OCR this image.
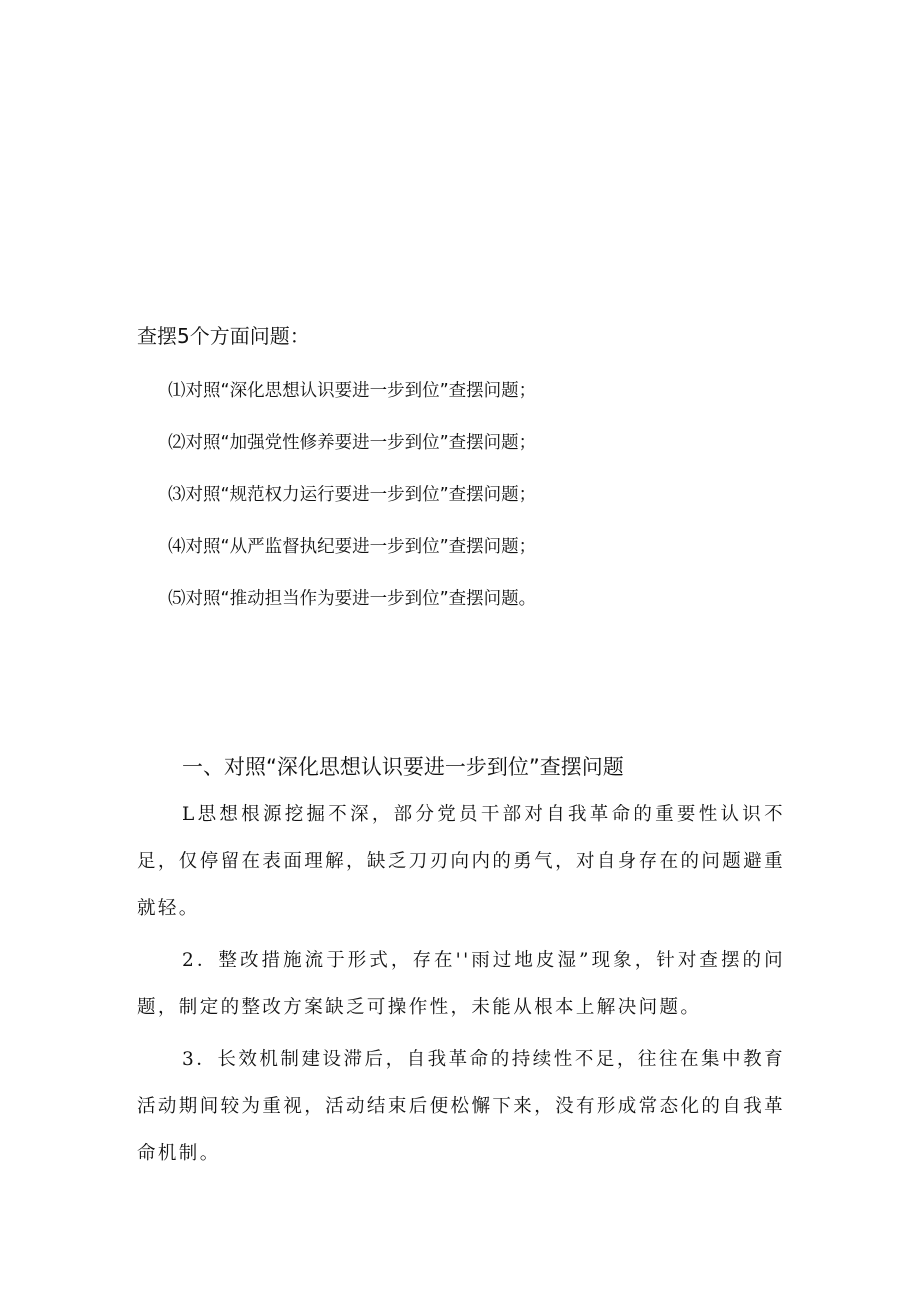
查摆5个方面问题：
⑴对照“深化思想认识要进一步到位”查摆问题；
⑵对照“加强党性修养要进一步到位”查摆问题；
⑶对照“规范权力运行要进一步到位”查摆问题；
⑷对照“从严监督执纪要进一步到位”查摆问题；
⑸对照“推动担当作为要进一步到位”查摆问题。
一、对照“深化思想认识要进一步到位”查摆问题

L思想根源挖掘不深，部分党员干部对自我革命的重要性认识不足，仅停留在表面理解，缺乏刀刃向内的勇气，对自身存在的问题避重就轻。

2．整改措施流于形式，存在''雨过地皮湿”现象，针对查摆的问题，制定的整改方案缺乏可操作性，未能从根本上解决问题。

3．长效机制建设滞后，自我革命的持续性不足，往往在集中教育活动期间较为重视，活动结束后便松懈下来，没有形成常态化的自我革命机制。
